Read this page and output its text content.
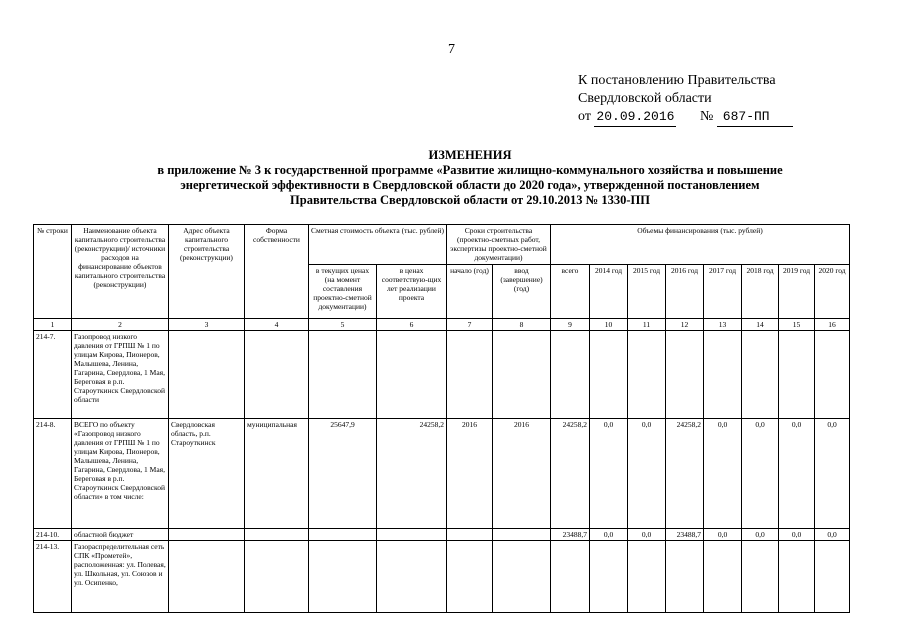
7
К постановлению Правительства
Свердловской области
от 20.09.2016 № 687-ПП
ИЗМЕНЕНИЯ
в приложение № 3 к государственной программе «Развитие жилищно-коммунального хозяйства и повышение
энергетической эффективности в Свердловской области до 2020 года», утвержденной постановлением
Правительства Свердловской области от 29.10.2013 № 1330-ПП
№ строки	Наименование объекта капитального строительства (реконструкции)/ источники расходов на финансирование объектов капитального строительства (реконструкции)	Адрес объекта капитального строительства (реконструкции)	Форма собственности	Сметная стоимость объекта (тыс. рублей)		Сроки строительства (проектно-сметных работ, экспертизы проектно-сметной документации)		Объемы финансирования (тыс. рублей)							
				в текущих ценах (на момент составления проектно-сметной документации)	в ценах соответствую-щих лет реализации проекта	начало (год)	ввод (завершение) (год)	всего	2014 год	2015 год	2016 год	2017 год	2018 год	2019 год	2020 год
1	2	3	4	5	6	7	8	9	10	11	12	13	14	15	16
214-7.	Газопровод низкого давления от ГРПШ № 1 по улицам Кирова, Пионеров, Малышева, Ленина, Гагарина, Свердлова, 1 Мая, Береговая в р.п. Староуткинск Свердловской области														
214-8.	ВСЕГО по объекту «Газопровод низкого давления от ГРПШ № 1 по улицам Кирова, Пионеров, Малышева, Ленина, Гагарина, Свердлова, 1 Мая, Береговая в р.п. Староуткинск Свердловской области» в том числе:	Свердловская область, р.п. Староуткинск	муниципальная	25647,9	24258,2	2016	2016	24258,2	0,0	0,0	24258,2	0,0	0,0	0,0	0,0
214-10.	областной бюджет							23488,7	0,0	0,0	23488,7	0,0	0,0	0,0	0,0
214-13.	Газораспределительная сеть СПК «Прометей», расположенная: ул. Полевая, ул. Школьная, ул. Союзов и ул. Осипенко,														
